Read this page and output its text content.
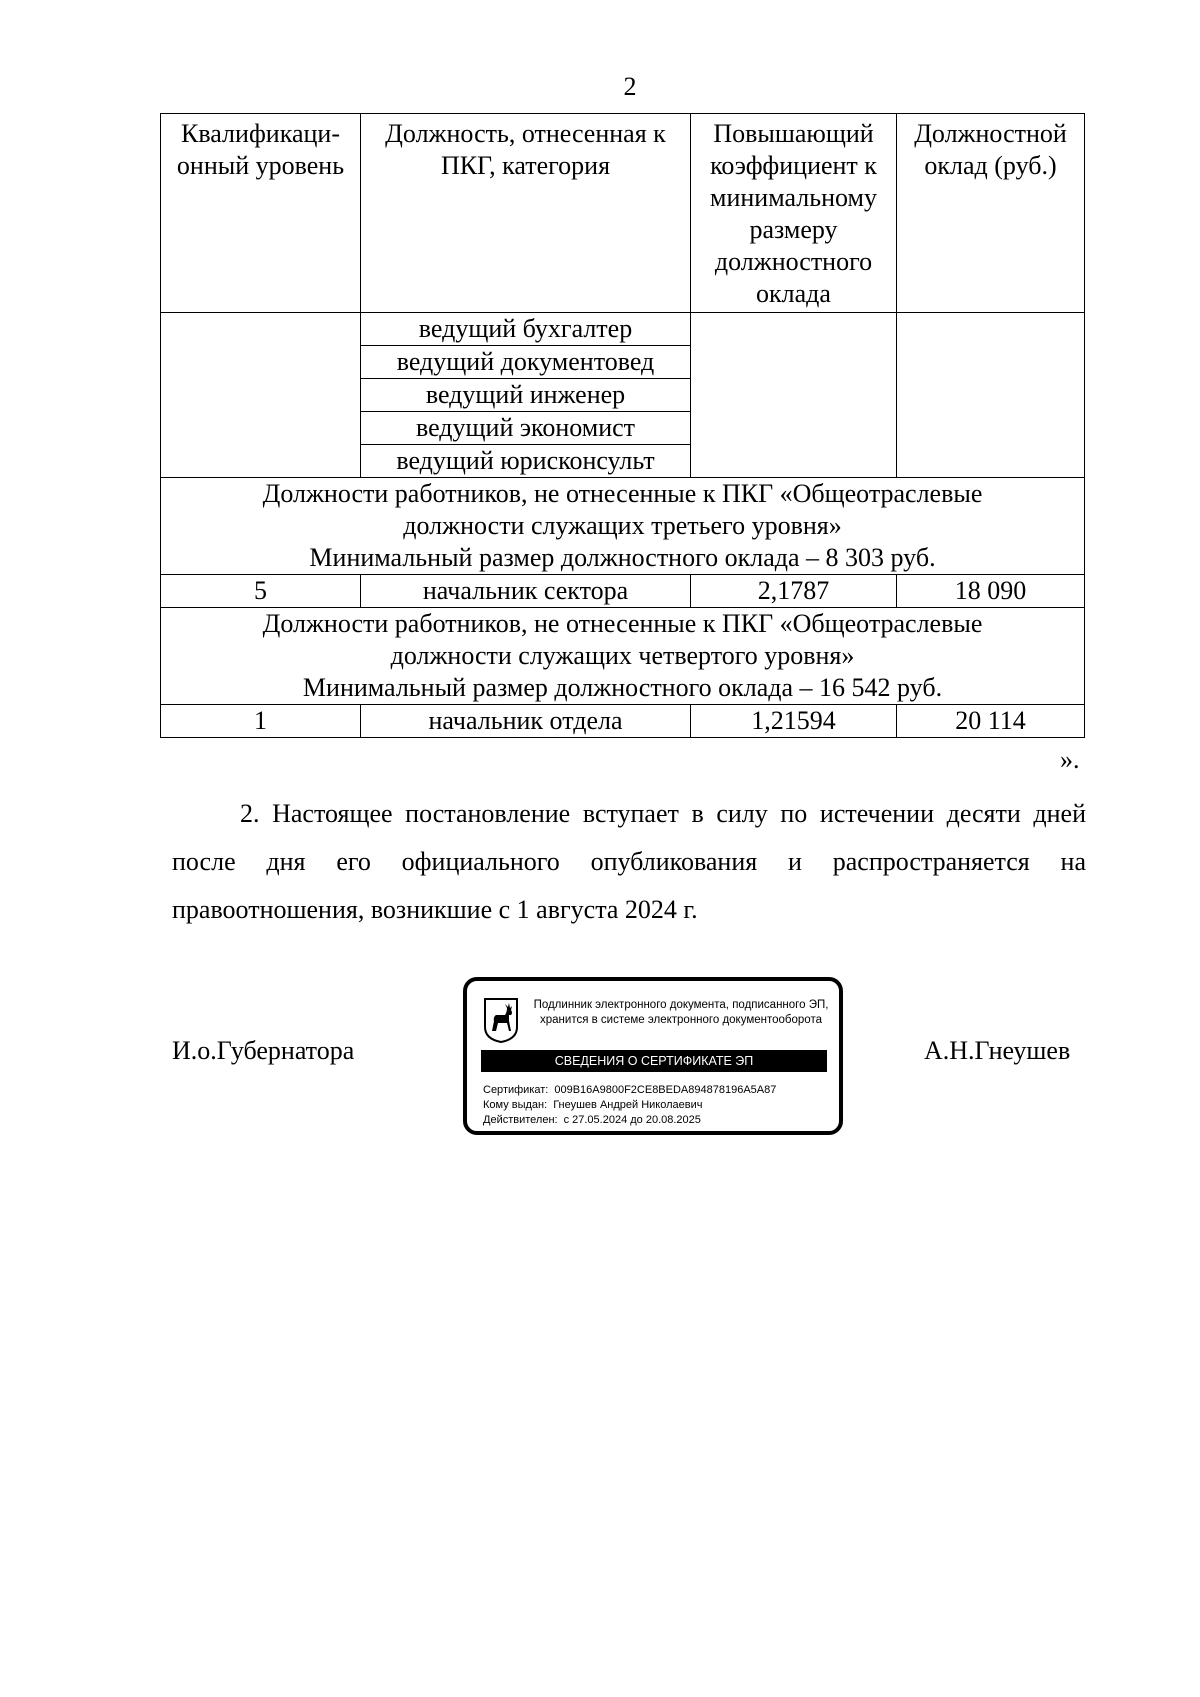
2
Квалификаци-онный уровень	Должность, отнесенная к ПКГ, категория	Повышающий коэффициент к минимальному размеру должностного оклада	Должностной оклад (руб.)
	ведущий бухгалтер		
	ведущий документовед		
	ведущий инженер		
	ведущий экономист		
	ведущий юрисконсульт		

Должности работников, не отнесенные к ПКГ «Общеотраслевые
должности служащих третьего уровня»
Минимальный размер должностного оклада – 8 303 руб.			

5	начальник сектора	2,1787	18 090

Должности работников, не отнесенные к ПКГ «Общеотраслевые
должности служащих четвертого уровня»
Минимальный размер должностного оклада – 16 542 руб.			

1	начальник отдела	1,21594	20 114
».
2. Настоящее постановление вступает в силу по истечении десяти дней после дня его официального опубликования и распространяется на правоотношения, возникшие с 1 августа 2024 г.
И.о.Губернатора
Подлинник электронного документа, подписанного ЭП,
хранится в системе электронного документооборота
СВЕДЕНИЯ О СЕРТИФИКАТЕ ЭП
Сертификат: 009B16A9800F2CE8BEDA894878196A5A87
Кому выдан: Гнеушев Андрей Николаевич
Действителен: с 27.05.2024 до 20.08.2025
А.Н.Гнеушев
